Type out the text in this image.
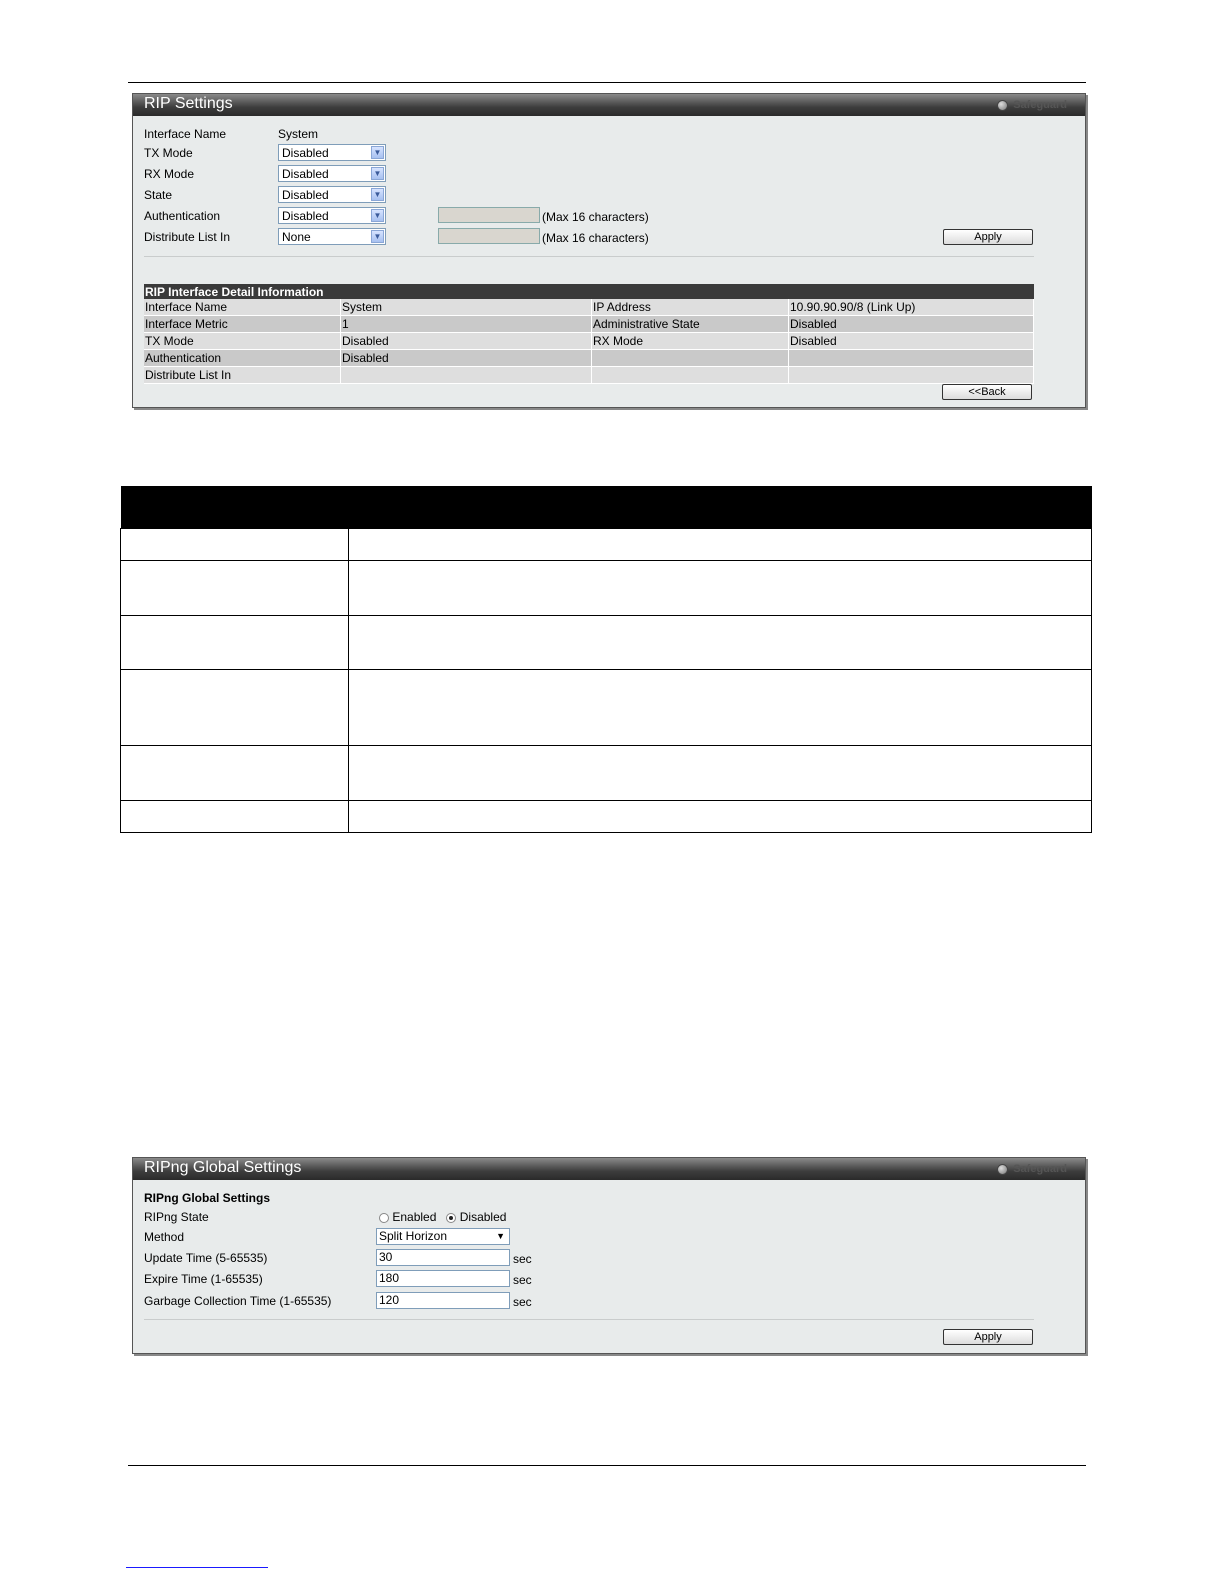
RIP Settings	Safeguard
Interface Name	System
TX Mode	Disabled	▼
RX Mode	Disabled	▼
State	Disabled	▼
Authentication	Disabled	▼	(Max 16 characters)
Distribute List In	None	▼	(Max 16 characters)	Apply
RIP Interface Detail Information			
Interface Name	System	IP Address	10.90.90.90/8 (Link Up)
Interface Metric	1	Administrative State	Disabled
TX Mode	Disabled	RX Mode	Disabled
Authentication	Disabled		
Distribute List In			
<<Back

RIPng Global Settings	Safeguard
RIPng Global Settings
RIPng State	Enabled Disabled
Method	Split Horizon	▼
Update Time (5-65535)	30	sec
Expire Time (1-65535)	180	sec
Garbage Collection Time (1-65535)	120	sec
Apply
